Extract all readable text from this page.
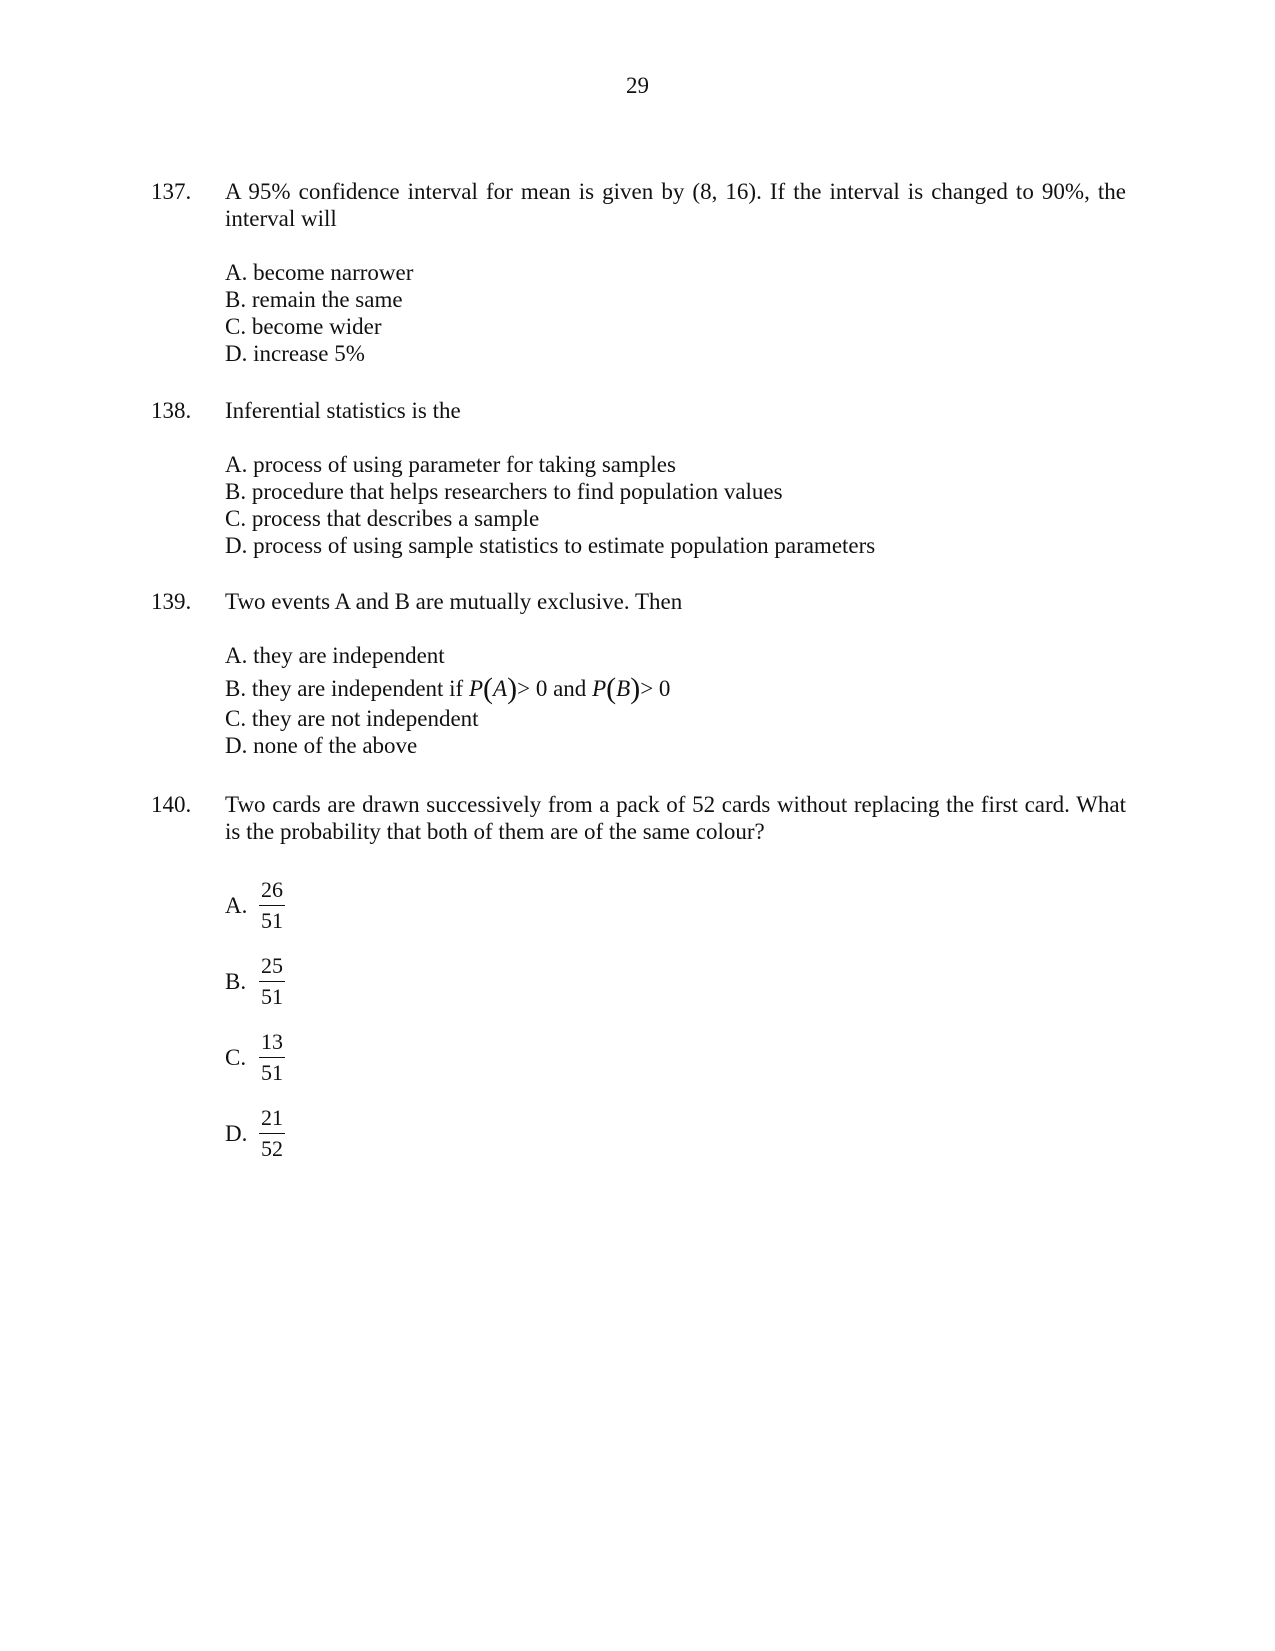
29
137.	A 95% confidence interval for mean is given by (8, 16). If the interval is changed to 90%, the interval will
A. become narrower
B. remain the same
C. become wider
D. increase 5%
138.	Inferential statistics is the
A. process of using parameter for taking samples
B. procedure that helps researchers to find population values
C. process that describes a sample
D. process of using sample statistics to estimate population parameters
139.	Two events A and B are mutually exclusive. Then
A. they are independent
B. they are independent if P(A)> 0 and P(B)> 0
C. they are not independent
D. none of the above
140.	Two cards are drawn successively from a pack of 52 cards without replacing the first card. What is the probability that both of them are of the same colour?
A. $\frac{26}{51}$
B. $\frac{25}{51}$
C. $\frac{13}{51}$
D. $\frac{21}{52}$
